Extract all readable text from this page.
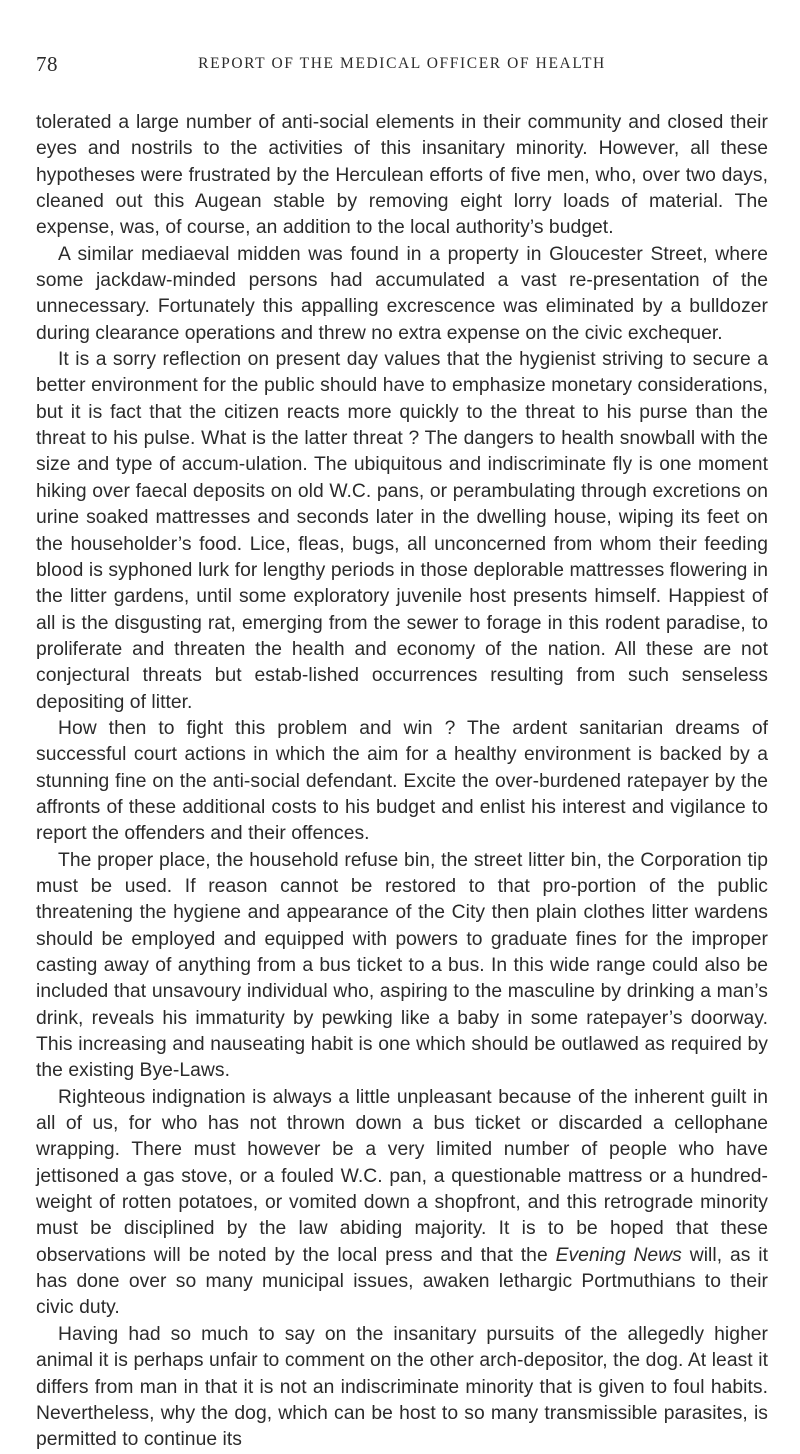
78	REPORT OF THE MEDICAL OFFICER OF HEALTH

tolerated a large number of anti-social elements in their community and closed their eyes and nostrils to the activities of this insanitary minority. However, all these hypotheses were frustrated by the Herculean efforts of five men, who, over two days, cleaned out this Augean stable by removing eight lorry loads of material. The expense, was, of course, an addition to the local authority’s budget.

A similar mediaeval midden was found in a property in Gloucester Street, where some jackdaw-minded persons had accumulated a vast re-presentation of the unnecessary. Fortunately this appalling excrescence was eliminated by a bulldozer during clearance operations and threw no extra expense on the civic exchequer.

It is a sorry reflection on present day values that the hygienist striving to secure a better environment for the public should have to emphasize monetary considerations, but it is fact that the citizen reacts more quickly to the threat to his purse than the threat to his pulse. What is the latter threat ? The dangers to health snowball with the size and type of accum-ulation. The ubiquitous and indiscriminate fly is one moment hiking over faecal deposits on old W.C. pans, or perambulating through excretions on urine soaked mattresses and seconds later in the dwelling house, wiping its feet on the householder’s food. Lice, fleas, bugs, all unconcerned from whom their feeding blood is syphoned lurk for lengthy periods in those deplorable mattresses flowering in the litter gardens, until some exploratory juvenile host presents himself. Happiest of all is the disgusting rat, emerging from the sewer to forage in this rodent paradise, to proliferate and threaten the health and economy of the nation. All these are not conjectural threats but estab-lished occurrences resulting from such senseless depositing of litter.

How then to fight this problem and win ? The ardent sanitarian dreams of successful court actions in which the aim for a healthy environment is backed by a stunning fine on the anti-social defendant. Excite the over-burdened ratepayer by the affronts of these additional costs to his budget and enlist his interest and vigilance to report the offenders and their offences.

The proper place, the household refuse bin, the street litter bin, the Corporation tip must be used. If reason cannot be restored to that pro-portion of the public threatening the hygiene and appearance of the City then plain clothes litter wardens should be employed and equipped with powers to graduate fines for the improper casting away of anything from a bus ticket to a bus. In this wide range could also be included that unsavoury individual who, aspiring to the masculine by drinking a man’s drink, reveals his immaturity by pewking like a baby in some ratepayer’s doorway. This increasing and nauseating habit is one which should be outlawed as required by the existing Bye-Laws.

Righteous indignation is always a little unpleasant because of the inherent guilt in all of us, for who has not thrown down a bus ticket or discarded a cellophane wrapping. There must however be a very limited number of people who have jettisoned a gas stove, or a fouled W.C. pan, a questionable mattress or a hundred-weight of rotten potatoes, or vomited down a shopfront, and this retrograde minority must be disciplined by the law abiding majority. It is to be hoped that these observations will be noted by the local press and that the Evening News will, as it has done over so many municipal issues, awaken lethargic Portmuthians to their civic duty.

Having had so much to say on the insanitary pursuits of the allegedly higher animal it is perhaps unfair to comment on the other arch-depositor, the dog. At least it differs from man in that it is not an indiscriminate minority that is given to foul habits. Nevertheless, why the dog, which can be host to so many transmissible parasites, is permitted to continue its
